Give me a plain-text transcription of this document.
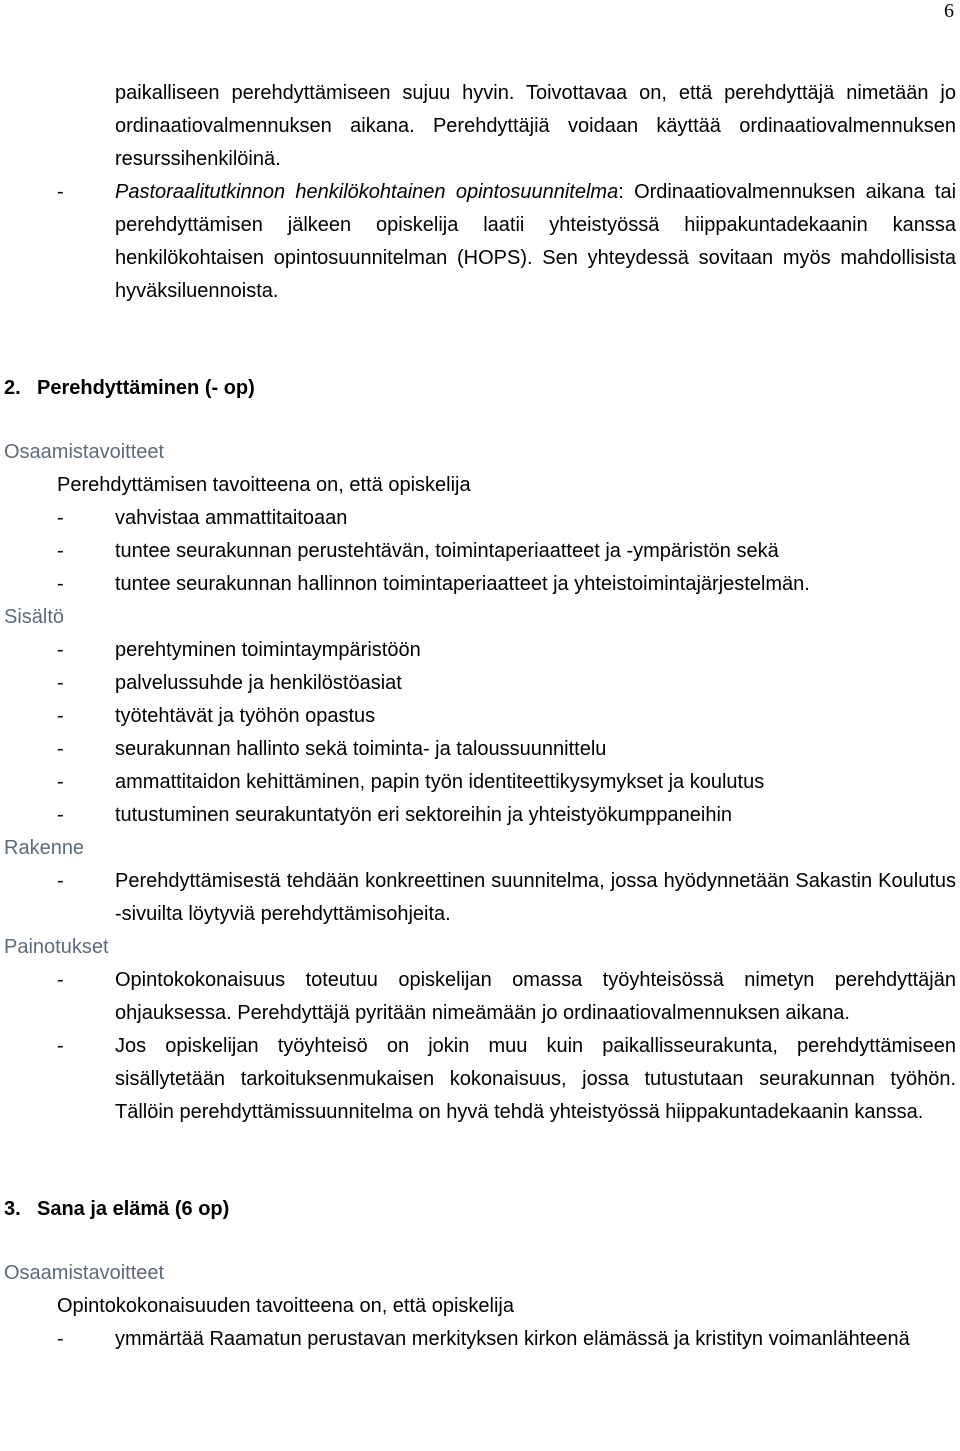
6
paikalliseen perehdyttämiseen sujuu hyvin. Toivottavaa on, että perehdyttäjä nimetään jo ordinaatiovalmennuksen aikana. Perehdyttäjiä voidaan käyttää ordinaatiovalmennuksen resurssihenkilöinä.
-	Pastoraalitutkinnon henkilökohtainen opintosuunnitelma: Ordinaatiovalmennuksen aikana tai perehdyttämisen jälkeen opiskelija laatii yhteistyössä hiippakuntadekaanin kanssa henkilökohtaisen opintosuunnitelman (HOPS). Sen yhteydessä sovitaan myös mahdollisista hyväksiluennoista.
2. Perehdyttäminen (- op)
Osaamistavoitteet
Perehdyttämisen tavoitteena on, että opiskelija
-	vahvistaa ammattitaitoaan
-	tuntee seurakunnan perustehtävän, toimintaperiaatteet ja -ympäristön sekä
-	tuntee seurakunnan hallinnon toimintaperiaatteet ja yhteistoimintajärjestelmän.
Sisältö
-	perehtyminen toimintaympäristöön
-	palvelussuhde ja henkilöstöasiat
-	työtehtävät ja työhön opastus
-	seurakunnan hallinto sekä toiminta- ja taloussuunnittelu
-	ammattitaidon kehittäminen, papin työn identiteettikysymykset ja koulutus
-	tutustuminen seurakuntatyön eri sektoreihin ja yhteistyökumppaneihin
Rakenne
-	Perehdyttämisestä tehdään konkreettinen suunnitelma, jossa hyödynnetään Sakastin Koulutus -sivuilta löytyviä perehdyttämisohjeita.
Painotukset
-	Opintokokonaisuus toteutuu opiskelijan omassa työyhteisössä nimetyn perehdyttäjän ohjauksessa. Perehdyttäjä pyritään nimeämään jo ordinaatiovalmennuksen aikana.
-	Jos opiskelijan työyhteisö on jokin muu kuin paikallisseurakunta, perehdyttämiseen sisällytetään tarkoituksenmukaisen kokonaisuus, jossa tutustutaan seurakunnan työhön. Tällöin perehdyttämissuunnitelma on hyvä tehdä yhteistyössä hiippakuntadekaanin kanssa.
3. Sana ja elämä (6 op)
Osaamistavoitteet
Opintokokonaisuuden tavoitteena on, että opiskelija
-	ymmärtää Raamatun perustavan merkityksen kirkon elämässä ja kristityn voimanlähteenä
